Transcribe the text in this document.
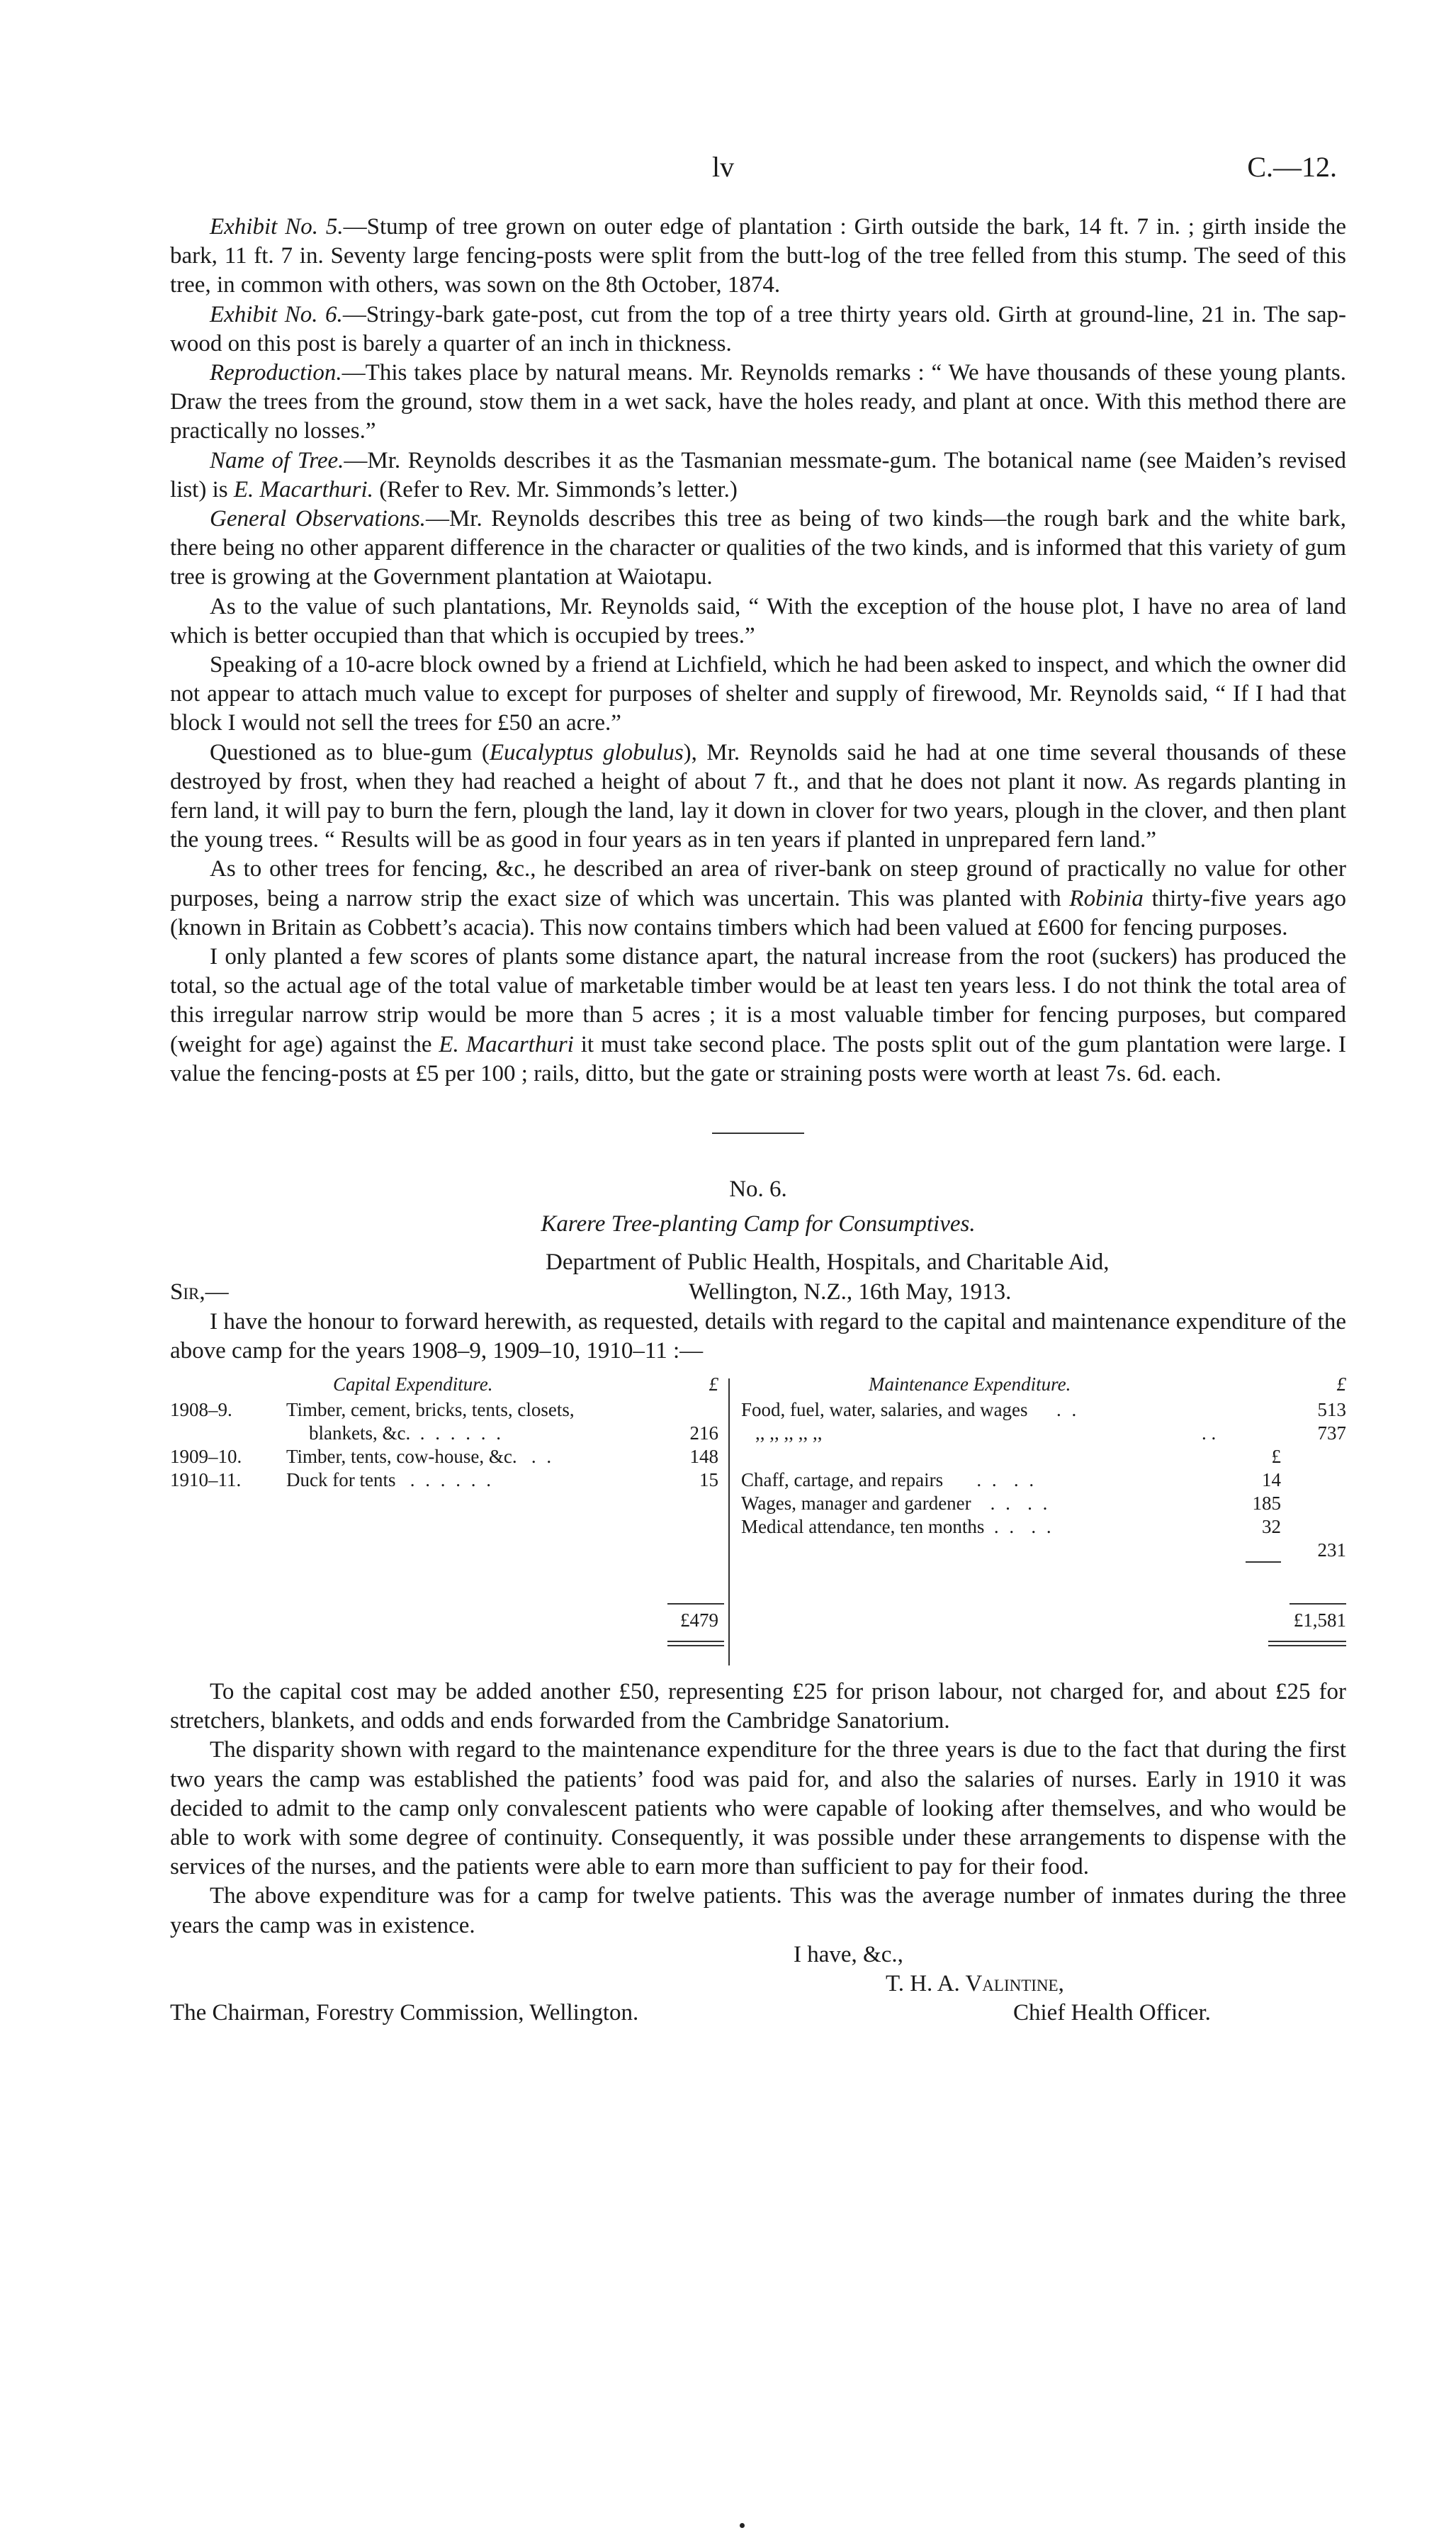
lv	C.—12.

Exhibit No. 5.—Stump of tree grown on outer edge of plantation : Girth outside the bark, 14 ft. 7 in. ; girth inside the bark, 11 ft. 7 in. Seventy large fencing-posts were split from the butt-log of the tree felled from this stump. The seed of this tree, in common with others, was sown on the 8th October, 1874.

Exhibit No. 6.—Stringy-bark gate-post, cut from the top of a tree thirty years old. Girth at ground-line, 21 in. The sap-wood on this post is barely a quarter of an inch in thickness.

Reproduction.—This takes place by natural means. Mr. Reynolds remarks : “ We have thousands of these young plants. Draw the trees from the ground, stow them in a wet sack, have the holes ready, and plant at once. With this method there are practically no losses.”

Name of Tree.—Mr. Reynolds describes it as the Tasmanian messmate-gum. The botanical name (see Maiden’s revised list) is E. Macarthuri. (Refer to Rev. Mr. Simmonds’s letter.)

General Observations.—Mr. Reynolds describes this tree as being of two kinds—the rough bark and the white bark, there being no other apparent difference in the character or qualities of the two kinds, and is informed that this variety of gum tree is growing at the Government plantation at Waiotapu.

As to the value of such plantations, Mr. Reynolds said, “ With the exception of the house plot, I have no area of land which is better occupied than that which is occupied by trees.”

Speaking of a 10-acre block owned by a friend at Lichfield, which he had been asked to inspect, and which the owner did not appear to attach much value to except for purposes of shelter and supply of firewood, Mr. Reynolds said, “ If I had that block I would not sell the trees for £50 an acre.”

Questioned as to blue-gum (Eucalyptus globulus), Mr. Reynolds said he had at one time several thousands of these destroyed by frost, when they had reached a height of about 7 ft., and that he does not plant it now. As regards planting in fern land, it will pay to burn the fern, plough the land, lay it down in clover for two years, plough in the clover, and then plant the young trees. “ Results will be as good in four years as in ten years if planted in unprepared fern land.”

As to other trees for fencing, &c., he described an area of river-bank on steep ground of practically no value for other purposes, being a narrow strip the exact size of which was uncertain. This was planted with Robinia thirty-five years ago (known in Britain as Cobbett’s acacia). This now contains timbers which had been valued at £600 for fencing purposes.

I only planted a few scores of plants some distance apart, the natural increase from the root (suckers) has produced the total, so the actual age of the total value of marketable timber would be at least ten years less. I do not think the total area of this irregular narrow strip would be more than 5 acres ; it is a most valuable timber for fencing purposes, but compared (weight for age) against the E. Macarthuri it must take second place. The posts split out of the gum plantation were large. I value the fencing-posts at £5 per 100 ; rails, ditto, but the gate or straining posts were worth at least 7s. 6d. each.

No. 6.
Karere Tree-planting Camp for Consumptives.
Department of Public Health, Hospitals, and Charitable Aid,
Sir,—	Wellington, N.Z., 16th May, 1913.

I have the honour to forward herewith, as requested, details with regard to the capital and maintenance expenditure of the above camp for the years 1908–9, 1909–10, 1910–11 :—

Capital Expenditure.	£
1908–9.	Timber, cement, bricks, tents, closets,
blankets, &c. . . . . . .	216
1909–10. Timber, tents, cow-house, &c. . .	148
1910–11. Duck for tents . . . . . .	15
£479
Maintenance Expenditure.	£
Food, fuel, water, salaries, and wages . .	513
,, ,, ,, ,, ,,	. .	737
£
Chaff, cartage, and repairs . . . .	14
Wages, manager and gardener . . . .	185
Medical attendance, ten months . . . .	32
231
£1,581

To the capital cost may be added another £50, representing £25 for prison labour, not charged for, and about £25 for stretchers, blankets, and odds and ends forwarded from the Cambridge Sanatorium.

The disparity shown with regard to the maintenance expenditure for the three years is due to the fact that during the first two years the camp was established the patients’ food was paid for, and also the salaries of nurses. Early in 1910 it was decided to admit to the camp only convalescent patients who were capable of looking after themselves, and who would be able to work with some degree of continuity. Consequently, it was possible under these arrangements to dispense with the services of the nurses, and the patients were able to earn more than sufficient to pay for their food.

The above expenditure was for a camp for twelve patients. This was the average number of inmates during the three years the camp was in existence.

I have, &c.,
T. H. A. Valintine,
The Chairman, Forestry Commission, Wellington.	Chief Health Officer.
